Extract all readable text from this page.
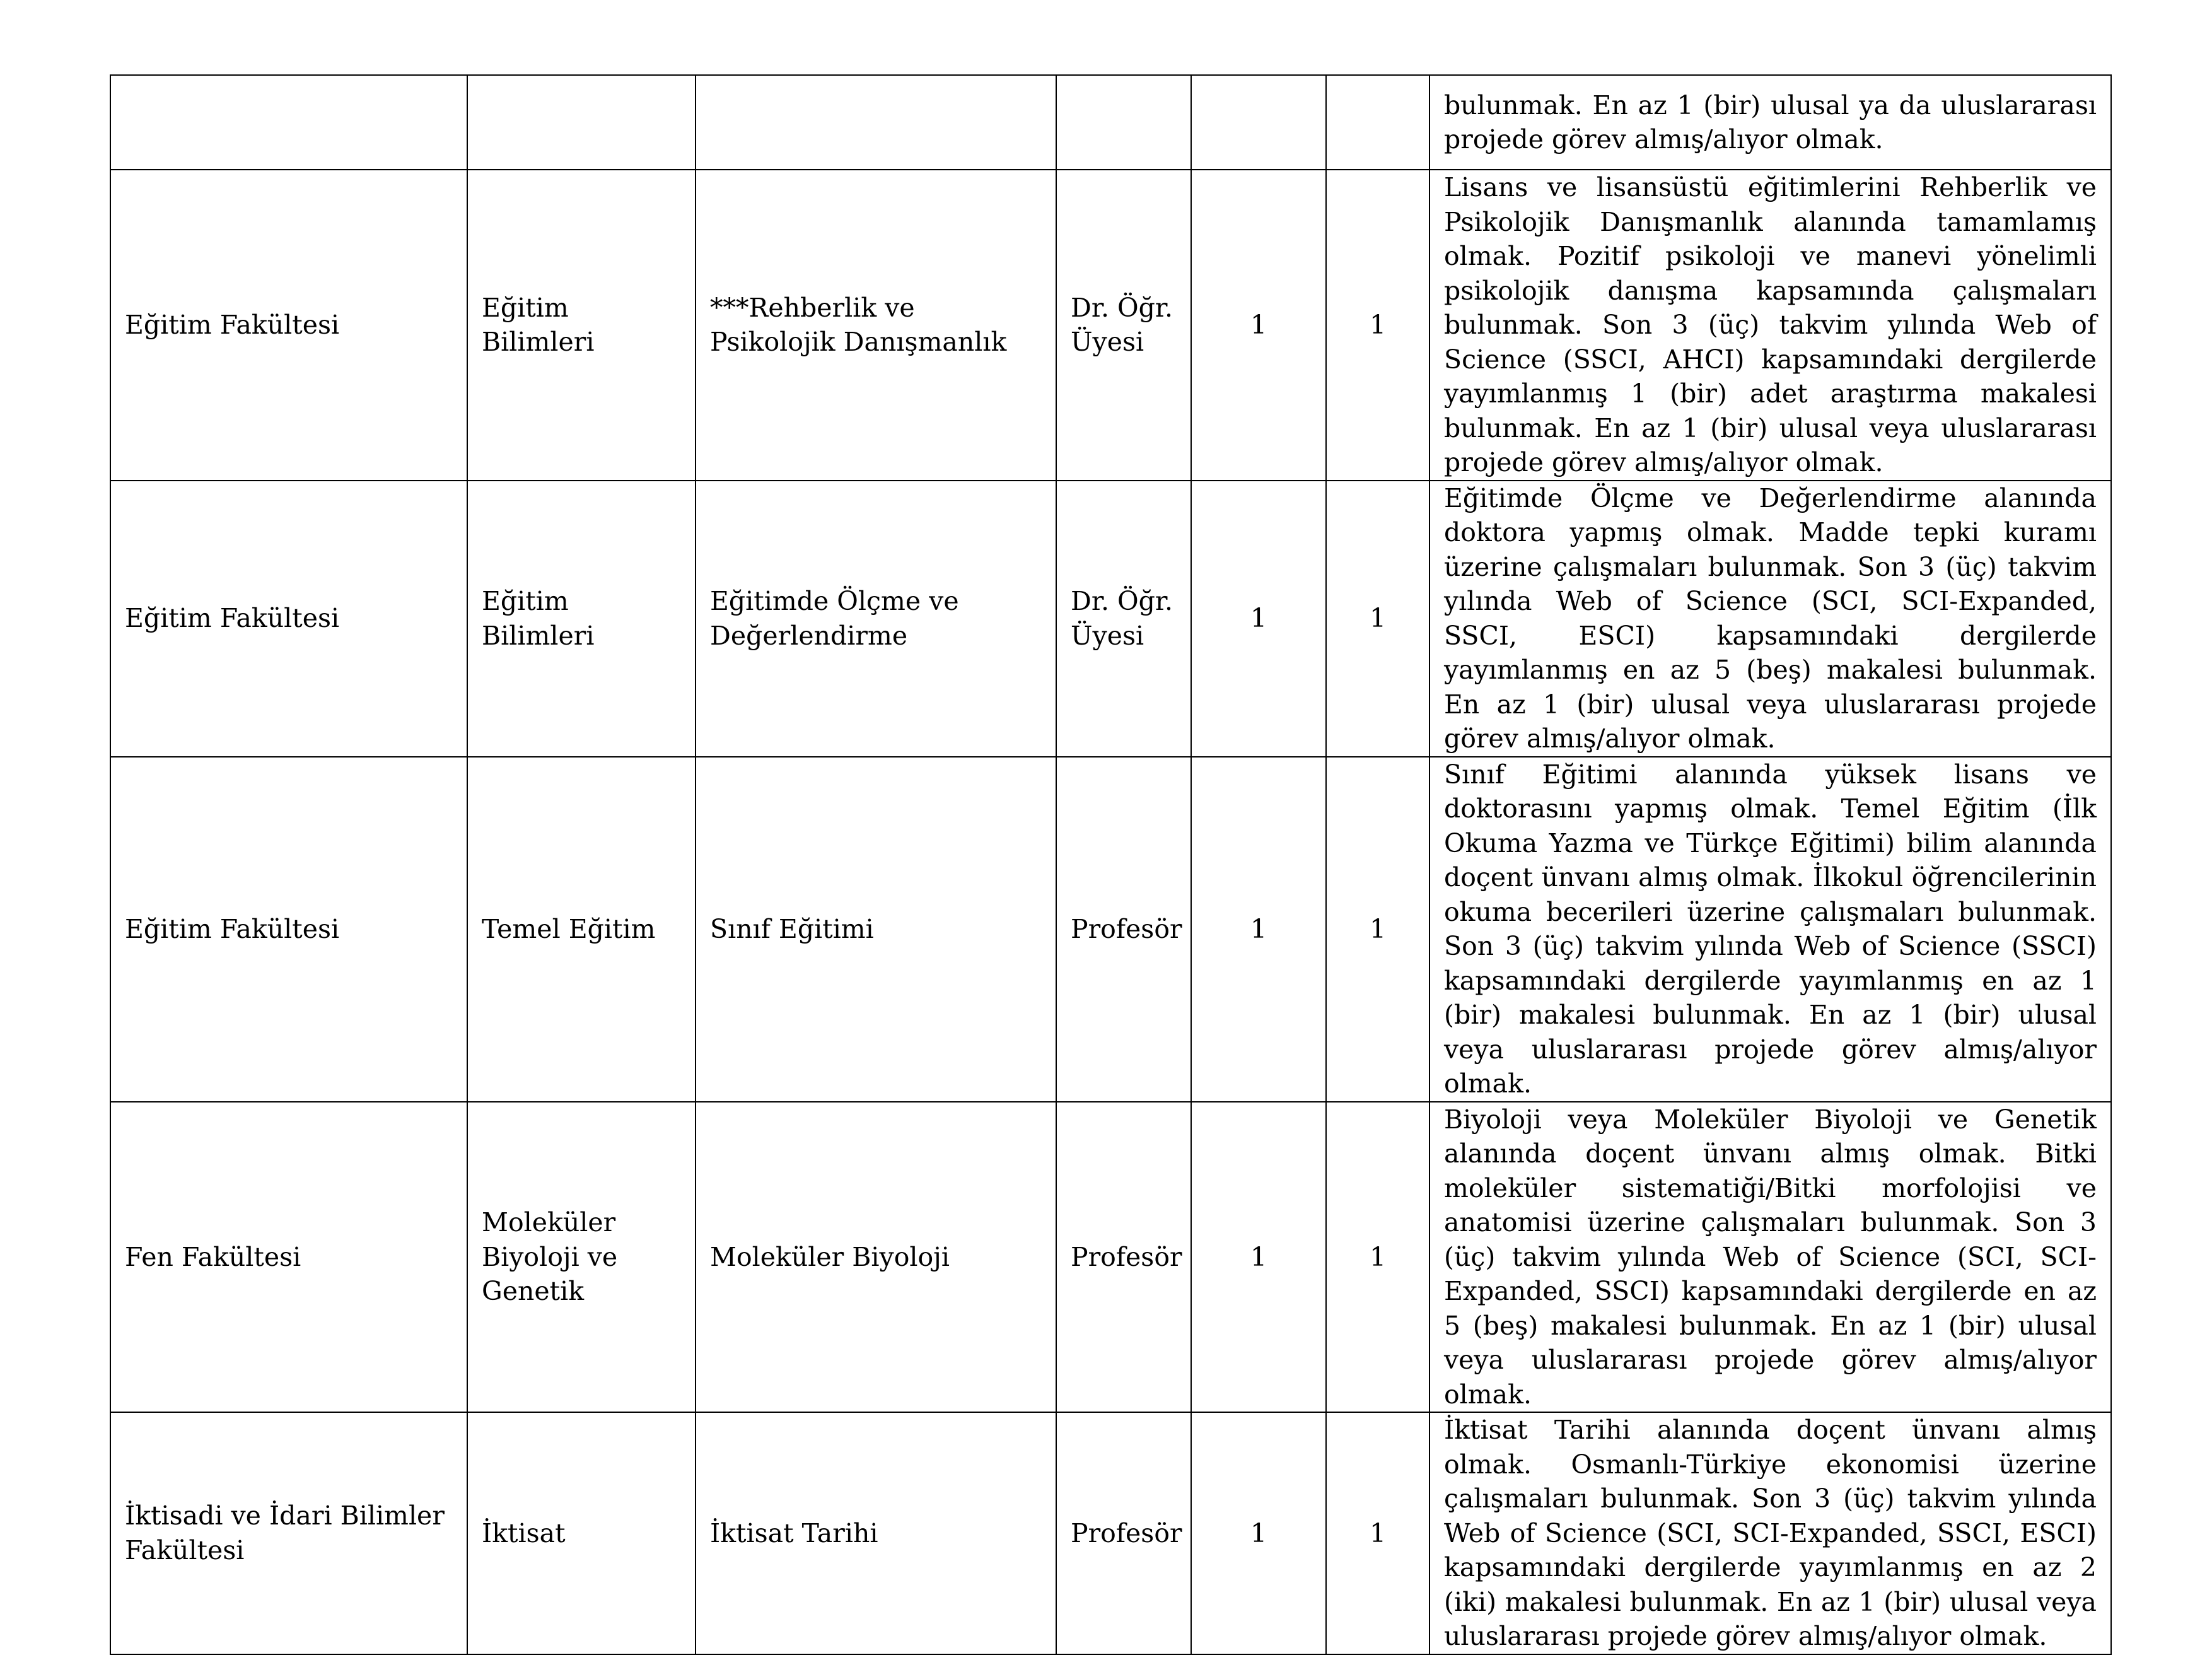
						bulunmak. En az 1 (bir) ulusal ya da uluslararası projede görev almış/alıyor olmak.
Eğitim Fakültesi	Eğitim Bilimleri	***Rehberlik ve Psikolojik Danışmanlık	Dr. Öğr. Üyesi	1	1	Lisans ve lisansüstü eğitimlerini Rehberlik ve Psikolojik Danışmanlık alanında tamamlamış olmak. Pozitif psikoloji ve manevi yönelimli psikolojik danışma kapsamında çalışmaları bulunmak. Son 3 (üç) takvim yılında Web of Science (SSCI, AHCI) kapsamındaki dergilerde yayımlanmış 1 (bir) adet araştırma makalesi bulunmak. En az 1 (bir) ulusal veya uluslararası projede görev almış/alıyor olmak.
Eğitim Fakültesi	Eğitim Bilimleri	Eğitimde Ölçme ve Değerlendirme	Dr. Öğr. Üyesi	1	1	Eğitimde Ölçme ve Değerlendirme alanında doktora yapmış olmak. Madde tepki kuramı üzerine çalışmaları bulunmak. Son 3 (üç) takvim yılında Web of Science (SCI, SCI-Expanded, SSCI, ESCI) kapsamındaki dergilerde yayımlanmış en az 5 (beş) makalesi bulunmak. En az 1 (bir) ulusal veya uluslararası projede görev almış/alıyor olmak.
Eğitim Fakültesi	Temel Eğitim	Sınıf Eğitimi	Profesör	1	1	Sınıf Eğitimi alanında yüksek lisans ve doktorasını yapmış olmak. Temel Eğitim (İlk Okuma Yazma ve Türkçe Eğitimi) bilim alanında doçent ünvanı almış olmak. İlkokul öğrencilerinin okuma becerileri üzerine çalışmaları bulunmak. Son 3 (üç) takvim yılında Web of Science (SSCI) kapsamındaki dergilerde yayımlanmış en az 1 (bir) makalesi bulunmak. En az 1 (bir) ulusal veya uluslararası projede görev almış/alıyor olmak.
Fen Fakültesi	Moleküler Biyoloji ve Genetik	Moleküler Biyoloji	Profesör	1	1	Biyoloji veya Moleküler Biyoloji ve Genetik alanında doçent ünvanı almış olmak. Bitki moleküler sistematiği/Bitki morfolojisi ve anatomisi üzerine çalışmaları bulunmak. Son 3 (üç) takvim yılında Web of Science (SCI, SCI-Expanded, SSCI) kapsamındaki dergilerde en az 5 (beş) makalesi bulunmak. En az 1 (bir) ulusal veya uluslararası projede görev almış/alıyor olmak.
İktisadi ve İdari Bilimler Fakültesi	İktisat	İktisat Tarihi	Profesör	1	1	İktisat Tarihi alanında doçent ünvanı almış olmak. Osmanlı-Türkiye ekonomisi üzerine çalışmaları bulunmak. Son 3 (üç) takvim yılında Web of Science (SCI, SCI-Expanded, SSCI, ESCI) kapsamındaki dergilerde yayımlanmış en az 2 (iki) makalesi bulunmak. En az 1 (bir) ulusal veya uluslararası projede görev almış/alıyor olmak.
